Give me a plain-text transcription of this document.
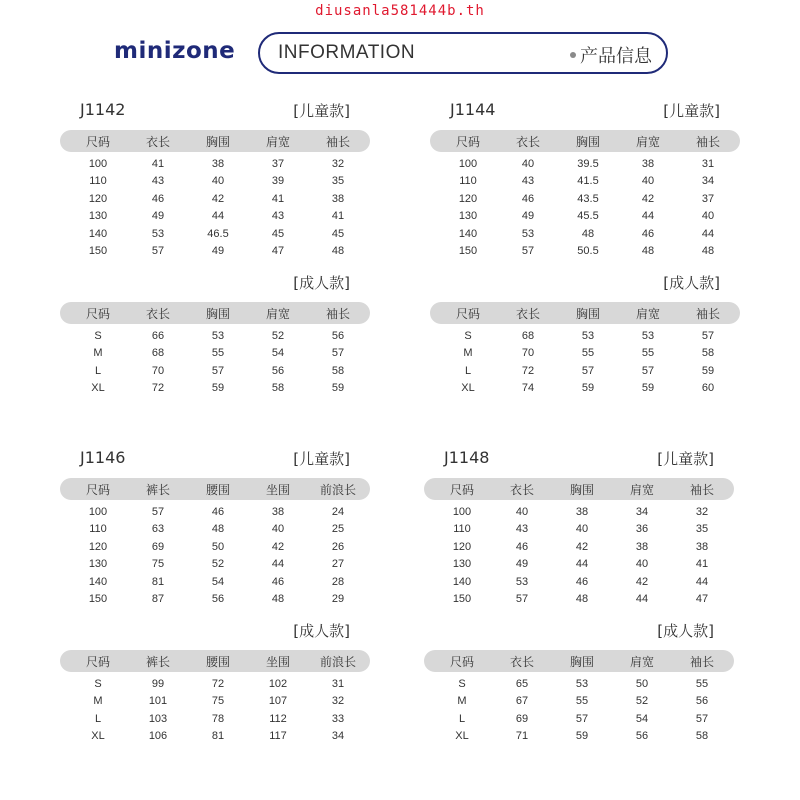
diusanla581444b.th
minizone INFORMATION	产品信息
J1142	[儿童款]
尺码	衣长	胸围	肩宽	袖长
100	41	38	37	32
110	43	40	39	35
120	46	42	41	38
130	49	44	43	41
140	53	46.5	45	45
150	57	49	47	48
[成人款]
尺码	衣长	胸围	肩宽	袖长
S	66	53	52	56
M	68	55	54	57
L	70	57	56	58
XL	72	59	58	59
J1144	[儿童款]
尺码	衣长	胸围	肩宽	袖长
100	40	39.5	38	31
110	43	41.5	40	34
120	46	43.5	42	37
130	49	45.5	44	40
140	53	48	46	44
150	57	50.5	48	48
[成人款]
尺码	衣长	胸围	肩宽	袖长
S	68	53	53	57
M	70	55	55	58
L	72	57	57	59
XL	74	59	59	60
J1146	[儿童款]
尺码	裤长	腰围	坐围	前浪长
100	57	46	38	24
110	63	48	40	25
120	69	50	42	26
130	75	52	44	27
140	81	54	46	28
150	87	56	48	29
[成人款]
尺码	裤长	腰围	坐围	前浪长
S	99	72	102	31
M	101	75	107	32
L	103	78	112	33
XL	106	81	117	34
J1148	[儿童款]
尺码	衣长	胸围	肩宽	袖长
100	40	38	34	32
110	43	40	36	35
120	46	42	38	38
130	49	44	40	41
140	53	46	42	44
150	57	48	44	47
[成人款]
尺码	衣长	胸围	肩宽	袖长
S	65	53	50	55
M	67	55	52	56
L	69	57	54	57
XL	71	59	56	58
